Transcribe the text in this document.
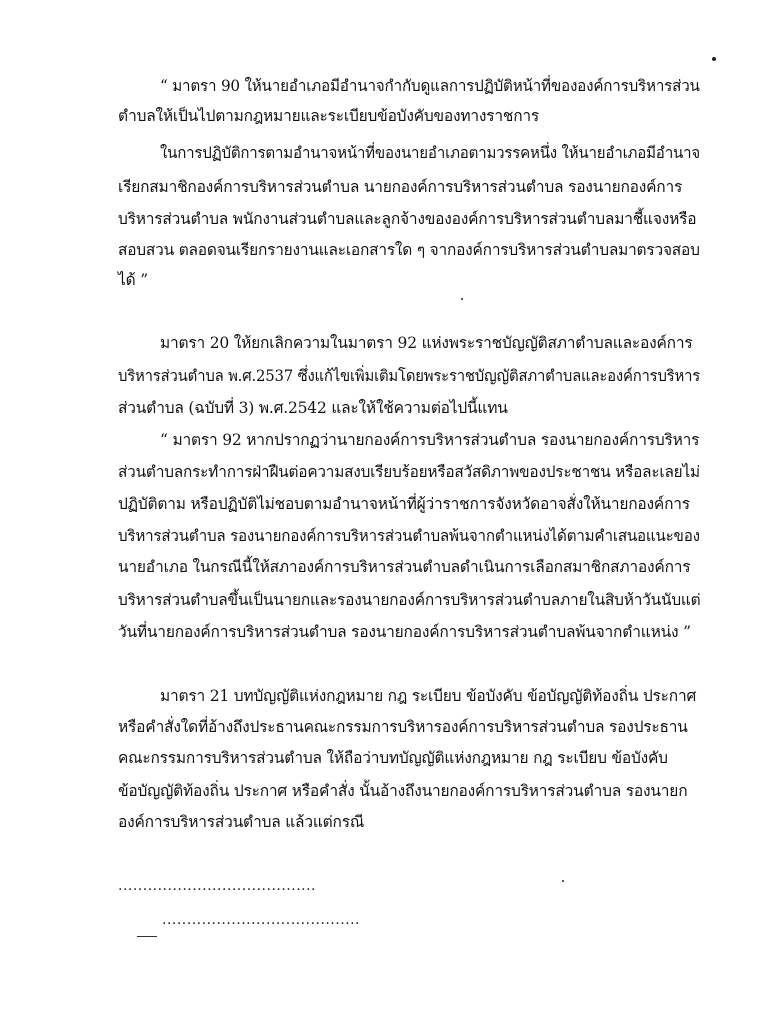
“ มาตรา 90 ให้นายอำเภอมีอำนาจกำกับดูแลการปฏิบัติหน้าที่ขององค์การบริหารส่วน
ตำบลให้เป็นไปตามกฎหมายและระเบียบข้อบังคับของทางราชการ
ในการปฏิบัติการตามอำนาจหน้าที่ของนายอำเภอตามวรรคหนึ่ง ให้นายอำเภอมีอำนาจ
เรียกสมาชิกองค์การบริหารส่วนตำบล นายกองค์การบริหารส่วนตำบล รองนายกองค์การ
บริหารส่วนตำบล พนักงานส่วนตำบลและลูกจ้างขององค์การบริหารส่วนตำบลมาชี้แจงหรือ
สอบสวน ตลอดจนเรียกรายงานและเอกสารใด ๆ จากองค์การบริหารส่วนตำบลมาตรวจสอบ
ได้ ”
มาตรา 20 ให้ยกเลิกความในมาตรา 92 แห่งพระราชบัญญัติสภาตำบลและองค์การ
บริหารส่วนตำบล พ.ศ.2537 ซึ่งแก้ไขเพิ่มเติมโดยพระราชบัญญัติสภาตำบลและองค์การบริหาร
ส่วนตำบล (ฉบับที่ 3) พ.ศ.2542 และให้ใช้ความต่อไปนี้แทน
“ มาตรา 92 หากปรากฏว่านายกองค์การบริหารส่วนตำบล รองนายกองค์การบริหาร
ส่วนตำบลกระทำการฝ่าฝืนต่อความสงบเรียบร้อยหรือสวัสดิภาพของประชาชน หรือละเลยไม่
ปฏิบัติตาม หรือปฏิบัติไม่ชอบตามอำนาจหน้าที่ผู้ว่าราชการจังหวัดอาจสั่งให้นายกองค์การ
บริหารส่วนตำบล รองนายกองค์การบริหารส่วนตำบลพ้นจากตำแหน่งได้ตามคำเสนอแนะของ
นายอำเภอ ในกรณีนี้ให้สภาองค์การบริหารส่วนตำบลดำเนินการเลือกสมาชิกสภาองค์การ
บริหารส่วนตำบลขึ้นเป็นนายกและรองนายกองค์การบริหารส่วนตำบลภายในสิบห้าวันนับแต่
วันที่นายกองค์การบริหารส่วนตำบล รองนายกองค์การบริหารส่วนตำบลพ้นจากตำแหน่ง ”
มาตรา 21 บทบัญญัติแห่งกฎหมาย กฎ ระเบียบ ข้อบังคับ ข้อบัญญัติท้องถิ่น ประกาศ
หรือคำสั่งใดที่อ้างถึงประธานคณะกรรมการบริหารองค์การบริหารส่วนตำบล รองประธาน
คณะกรรมการบริหารส่วนตำบล ให้ถือว่าบทบัญญัติแห่งกฎหมาย กฎ ระเบียบ ข้อบังคับ
ข้อบัญญัติท้องถิ่น ประกาศ หรือคำสั่ง นั้นอ้างถึงนายกองค์การบริหารส่วนตำบล รองนายก
องค์การบริหารส่วนตำบล แล้วแต่กรณี
........................................
........................................
